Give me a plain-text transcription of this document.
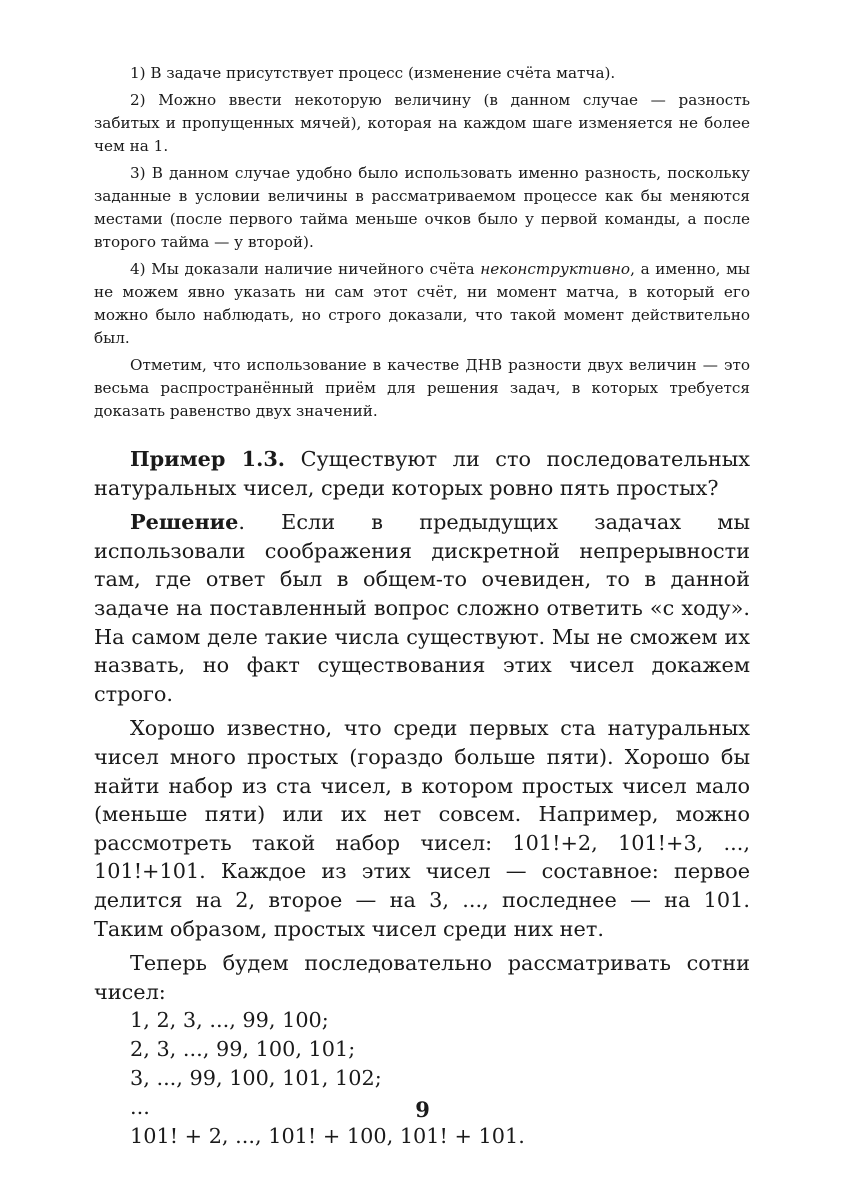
1) В задаче присутствует процесс (изменение счёта матча).

2) Можно ввести некоторую величину (в данном случае — разность забитых и пропущенных мячей), которая на каждом шаге изменяется не более чем на 1.

3) В данном случае удобно было использовать именно разность, поскольку заданные в условии величины в рассматриваемом процессе как бы меняются местами (после первого тайма меньше очков было у первой команды, а после второго тайма — у второй).

4) Мы доказали наличие ничейного счёта неконструктивно, а именно, мы не можем явно указать ни сам этот счёт, ни момент матча, в который его можно было наблюдать, но строго доказали, что такой момент действительно был.

Отметим, что использование в качестве ДНВ разности двух величин — это весьма распространённый приём для решения задач, в которых требуется доказать равенство двух значений.

Пример 1.3. Существуют ли сто последовательных натуральных чисел, среди которых ровно пять простых?

Решение. Если в предыдущих задачах мы использовали соображения дискретной непрерывности там, где ответ был в общем-то очевиден, то в данной задаче на поставленный вопрос сложно ответить «с ходу». На самом деле такие числа существуют. Мы не сможем их назвать, но факт существования этих чисел докажем строго.

Хорошо известно, что среди первых ста натуральных чисел много простых (гораздо больше пяти). Хорошо бы найти набор из ста чисел, в котором простых чисел мало (меньше пяти) или их нет совсем. Например, можно рассмотреть такой набор чисел: 101!+2, 101!+3, ..., 101!+101. Каждое из этих чисел — составное: первое делится на 2, второе — на 3, ..., последнее — на 101. Таким образом, простых чисел среди них нет.

Теперь будем последовательно рассматривать сотни чисел:

1, 2, 3, ..., 99, 100;
2, 3, ..., 99, 100, 101;
3, ..., 99, 100, 101, 102;
...
101! + 2, ..., 101! + 100, 101! + 101.
9
